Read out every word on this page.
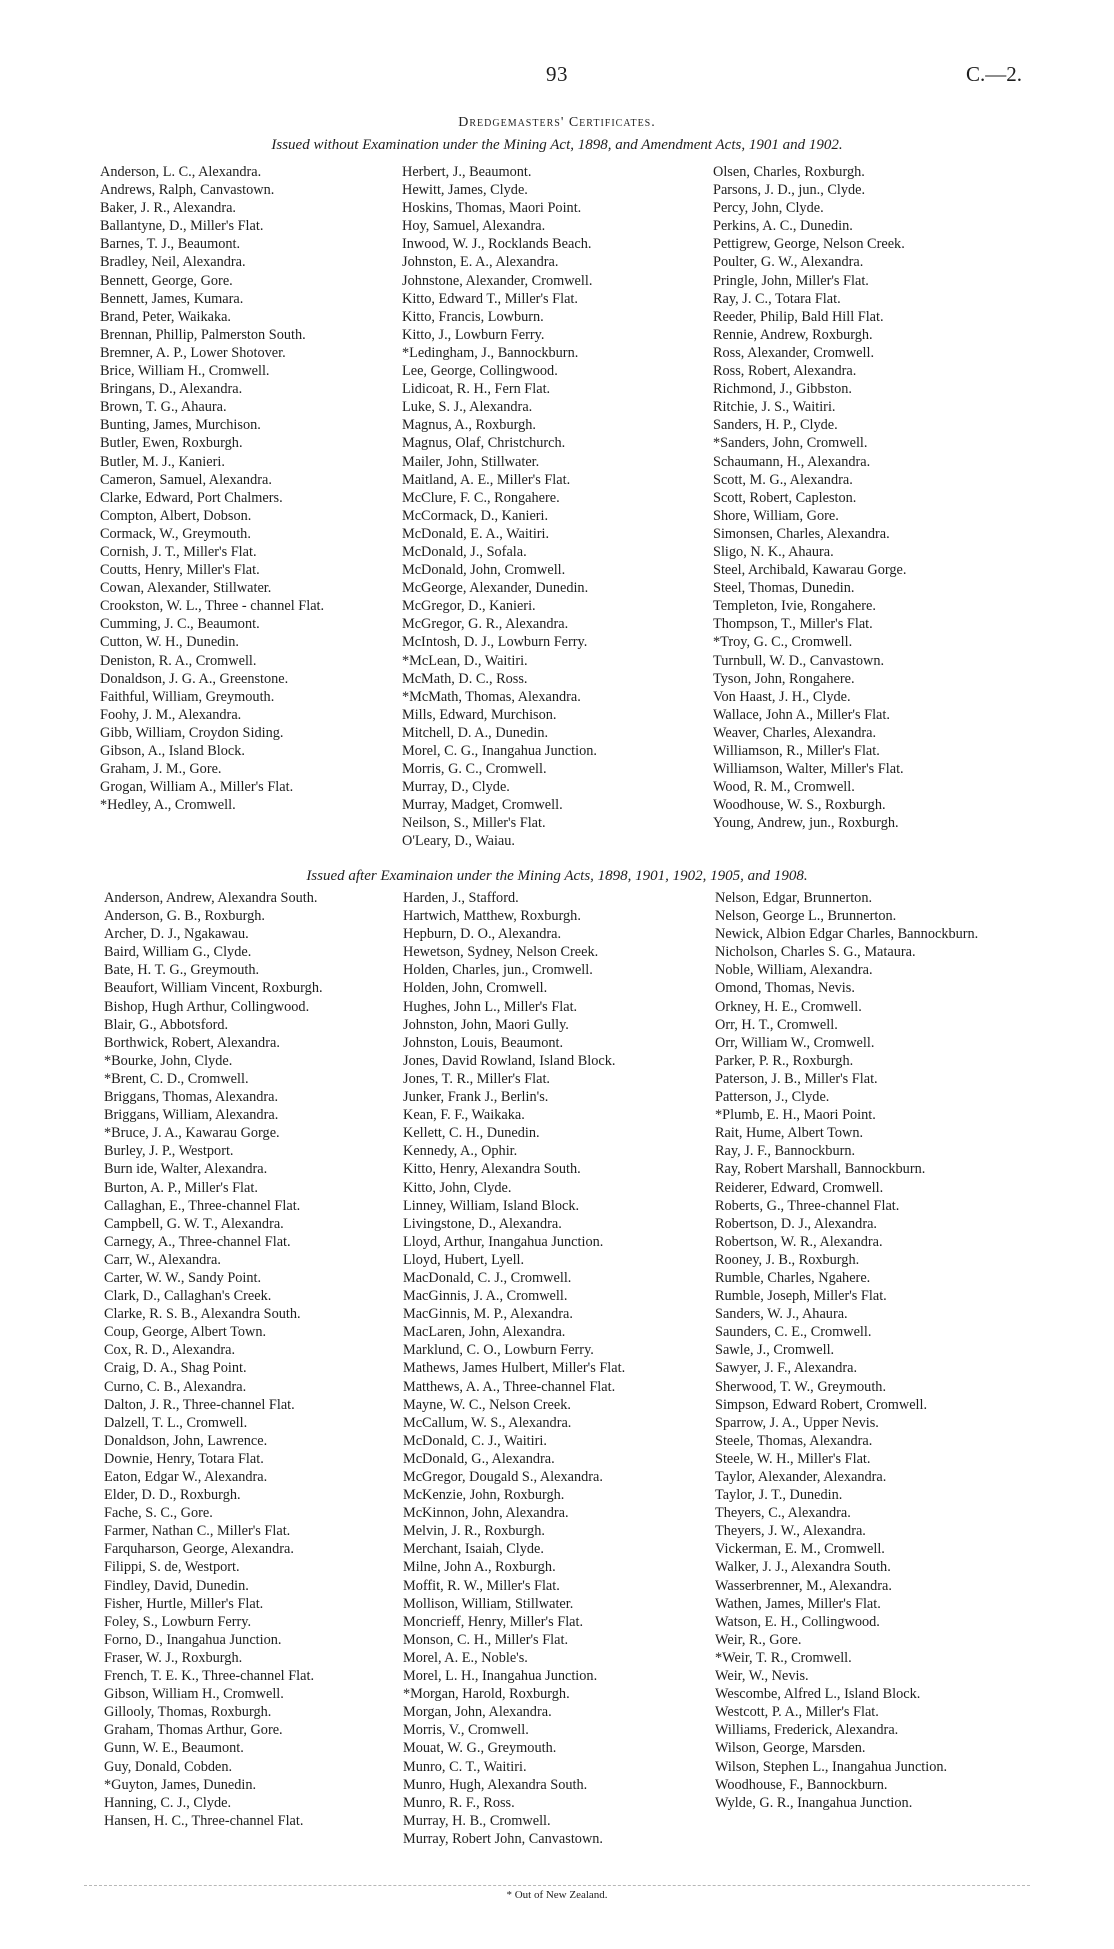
93	C.—2.
Dredgemasters' Certificates.
Issued without Examination under the Mining Act, 1898, and Amendment Acts, 1901 and 1902.
Anderson, L. C., Alexandra.
Andrews, Ralph, Canvastown.
Baker, J. R., Alexandra.
Ballantyne, D., Miller's Flat.
Barnes, T. J., Beaumont.
Bradley, Neil, Alexandra.
Bennett, George, Gore.
Bennett, James, Kumara.
Brand, Peter, Waikaka.
Brennan, Phillip, Palmerston South.
Bremner, A. P., Lower Shotover.
Brice, William H., Cromwell.
Bringans, D., Alexandra.
Brown, T. G., Ahaura.
Bunting, James, Murchison.
Butler, Ewen, Roxburgh.
Butler, M. J., Kanieri.
Cameron, Samuel, Alexandra.
Clarke, Edward, Port Chalmers.
Compton, Albert, Dobson.
Cormack, W., Greymouth.
Cornish, J. T., Miller's Flat.
Coutts, Henry, Miller's Flat.
Cowan, Alexander, Stillwater.
Crookston, W. L., Three - channel Flat.
Cumming, J. C., Beaumont.
Cutton, W. H., Dunedin.
Deniston, R. A., Cromwell.
Donaldson, J. G. A., Greenstone.
Faithful, William, Greymouth.
Foohy, J. M., Alexandra.
Gibb, William, Croydon Siding.
Gibson, A., Island Block.
Graham, J. M., Gore.
Grogan, William A., Miller's Flat.
*Hedley, A., Cromwell.
Herbert, J., Beaumont.
Hewitt, James, Clyde.
Hoskins, Thomas, Maori Point.
Hoy, Samuel, Alexandra.
Inwood, W. J., Rocklands Beach.
Johnston, E. A., Alexandra.
Johnstone, Alexander, Cromwell.
Kitto, Edward T., Miller's Flat.
Kitto, Francis, Lowburn.
Kitto, J., Lowburn Ferry.
*Ledingham, J., Bannockburn.
Lee, George, Collingwood.
Lidicoat, R. H., Fern Flat.
Luke, S. J., Alexandra.
Magnus, A., Roxburgh.
Magnus, Olaf, Christchurch.
Mailer, John, Stillwater.
Maitland, A. E., Miller's Flat.
McClure, F. C., Rongahere.
McCormack, D., Kanieri.
McDonald, E. A., Waitiri.
McDonald, J., Sofala.
McDonald, John, Cromwell.
McGeorge, Alexander, Dunedin.
McGregor, D., Kanieri.
McGregor, G. R., Alexandra.
McIntosh, D. J., Lowburn Ferry.
*McLean, D., Waitiri.
McMath, D. C., Ross.
*McMath, Thomas, Alexandra.
Mills, Edward, Murchison.
Mitchell, D. A., Dunedin.
Morel, C. G., Inangahua Junction.
Morris, G. C., Cromwell.
Murray, D., Clyde.
Murray, Madget, Cromwell.
Neilson, S., Miller's Flat.
O'Leary, D., Waiau.
Olsen, Charles, Roxburgh.
Parsons, J. D., jun., Clyde.
Percy, John, Clyde.
Perkins, A. C., Dunedin.
Pettigrew, George, Nelson Creek.
Poulter, G. W., Alexandra.
Pringle, John, Miller's Flat.
Ray, J. C., Totara Flat.
Reeder, Philip, Bald Hill Flat.
Rennie, Andrew, Roxburgh.
Ross, Alexander, Cromwell.
Ross, Robert, Alexandra.
Richmond, J., Gibbston.
Ritchie, J. S., Waitiri.
Sanders, H. P., Clyde.
*Sanders, John, Cromwell.
Schaumann, H., Alexandra.
Scott, M. G., Alexandra.
Scott, Robert, Capleston.
Shore, William, Gore.
Simonsen, Charles, Alexandra.
Sligo, N. K., Ahaura.
Steel, Archibald, Kawarau Gorge.
Steel, Thomas, Dunedin.
Templeton, Ivie, Rongahere.
Thompson, T., Miller's Flat.
*Troy, G. C., Cromwell.
Turnbull, W. D., Canvastown.
Tyson, John, Rongahere.
Von Haast, J. H., Clyde.
Wallace, John A., Miller's Flat.
Weaver, Charles, Alexandra.
Williamson, R., Miller's Flat.
Williamson, Walter, Miller's Flat.
Wood, R. M., Cromwell.
Woodhouse, W. S., Roxburgh.
Young, Andrew, jun., Roxburgh.
Issued after Examinaion under the Mining Acts, 1898, 1901, 1902, 1905, and 1908.
Anderson, Andrew, Alexandra South.
Anderson, G. B., Roxburgh.
Archer, D. J., Ngakawau.
Baird, William G., Clyde.
Bate, H. T. G., Greymouth.
Beaufort, William Vincent, Roxburgh.
Bishop, Hugh Arthur, Collingwood.
Blair, G., Abbotsford.
Borthwick, Robert, Alexandra.
*Bourke, John, Clyde.
*Brent, C. D., Cromwell.
Briggans, Thomas, Alexandra.
Briggans, William, Alexandra.
*Bruce, J. A., Kawarau Gorge.
Burley, J. P., Westport.
Burn ide, Walter, Alexandra.
Burton, A. P., Miller's Flat.
Callaghan, E., Three-channel Flat.
Campbell, G. W. T., Alexandra.
Carnegy, A., Three-channel Flat.
Carr, W., Alexandra.
Carter, W. W., Sandy Point.
Clark, D., Callaghan's Creek.
Clarke, R. S. B., Alexandra South.
Coup, George, Albert Town.
Cox, R. D., Alexandra.
Craig, D. A., Shag Point.
Curno, C. B., Alexandra.
Dalton, J. R., Three-channel Flat.
Dalzell, T. L., Cromwell.
Donaldson, John, Lawrence.
Downie, Henry, Totara Flat.
Eaton, Edgar W., Alexandra.
Elder, D. D., Roxburgh.
Fache, S. C., Gore.
Farmer, Nathan C., Miller's Flat.
Farquharson, George, Alexandra.
Filippi, S. de, Westport.
Findley, David, Dunedin.
Fisher, Hurtle, Miller's Flat.
Foley, S., Lowburn Ferry.
Forno, D., Inangahua Junction.
Fraser, W. J., Roxburgh.
French, T. E. K., Three-channel Flat.
Gibson, William H., Cromwell.
Gillooly, Thomas, Roxburgh.
Graham, Thomas Arthur, Gore.
Gunn, W. E., Beaumont.
Guy, Donald, Cobden.
*Guyton, James, Dunedin.
Hanning, C. J., Clyde.
Hansen, H. C., Three-channel Flat.
Harden, J., Stafford.
Hartwich, Matthew, Roxburgh.
Hepburn, D. O., Alexandra.
Hewetson, Sydney, Nelson Creek.
Holden, Charles, jun., Cromwell.
Holden, John, Cromwell.
Hughes, John L., Miller's Flat.
Johnston, John, Maori Gully.
Johnston, Louis, Beaumont.
Jones, David Rowland, Island Block.
Jones, T. R., Miller's Flat.
Junker, Frank J., Berlin's.
Kean, F. F., Waikaka.
Kellett, C. H., Dunedin.
Kennedy, A., Ophir.
Kitto, Henry, Alexandra South.
Kitto, John, Clyde.
Linney, William, Island Block.
Livingstone, D., Alexandra.
Lloyd, Arthur, Inangahua Junction.
Lloyd, Hubert, Lyell.
MacDonald, C. J., Cromwell.
MacGinnis, J. A., Cromwell.
MacGinnis, M. P., Alexandra.
MacLaren, John, Alexandra.
Marklund, C. O., Lowburn Ferry.
Mathews, James Hulbert, Miller's Flat.
Matthews, A. A., Three-channel Flat.
Mayne, W. C., Nelson Creek.
McCallum, W. S., Alexandra.
McDonald, C. J., Waitiri.
McDonald, G., Alexandra.
McGregor, Dougald S., Alexandra.
McKenzie, John, Roxburgh.
McKinnon, John, Alexandra.
Melvin, J. R., Roxburgh.
Merchant, Isaiah, Clyde.
Milne, John A., Roxburgh.
Moffit, R. W., Miller's Flat.
Mollison, William, Stillwater.
Moncrieff, Henry, Miller's Flat.
Monson, C. H., Miller's Flat.
Morel, A. E., Noble's.
Morel, L. H., Inangahua Junction.
*Morgan, Harold, Roxburgh.
Morgan, John, Alexandra.
Morris, V., Cromwell.
Mouat, W. G., Greymouth.
Munro, C. T., Waitiri.
Munro, Hugh, Alexandra South.
Munro, R. F., Ross.
Murray, H. B., Cromwell.
Murray, Robert John, Canvastown.
Nelson, Edgar, Brunnerton.
Nelson, George L., Brunnerton.
Newick, Albion Edgar Charles, Bannockburn.
Nicholson, Charles S. G., Mataura.
Noble, William, Alexandra.
Omond, Thomas, Nevis.
Orkney, H. E., Cromwell.
Orr, H. T., Cromwell.
Orr, William W., Cromwell.
Parker, P. R., Roxburgh.
Paterson, J. B., Miller's Flat.
Patterson, J., Clyde.
*Plumb, E. H., Maori Point.
Rait, Hume, Albert Town.
Ray, J. F., Bannockburn.
Ray, Robert Marshall, Bannockburn.
Reiderer, Edward, Cromwell.
Roberts, G., Three-channel Flat.
Robertson, D. J., Alexandra.
Robertson, W. R., Alexandra.
Rooney, J. B., Roxburgh.
Rumble, Charles, Ngahere.
Rumble, Joseph, Miller's Flat.
Sanders, W. J., Ahaura.
Saunders, C. E., Cromwell.
Sawle, J., Cromwell.
Sawyer, J. F., Alexandra.
Sherwood, T. W., Greymouth.
Simpson, Edward Robert, Cromwell.
Sparrow, J. A., Upper Nevis.
Steele, Thomas, Alexandra.
Steele, W. H., Miller's Flat.
Taylor, Alexander, Alexandra.
Taylor, J. T., Dunedin.
Theyers, C., Alexandra.
Theyers, J. W., Alexandra.
Vickerman, E. M., Cromwell.
Walker, J. J., Alexandra South.
Wasserbrenner, M., Alexandra.
Wathen, James, Miller's Flat.
Watson, E. H., Collingwood.
Weir, R., Gore.
*Weir, T. R., Cromwell.
Weir, W., Nevis.
Wescombe, Alfred L., Island Block.
Westcott, P. A., Miller's Flat.
Williams, Frederick, Alexandra.
Wilson, George, Marsden.
Wilson, Stephen L., Inangahua Junction.
Woodhouse, F., Bannockburn.
Wylde, G. R., Inangahua Junction.
* Out of New Zealand.
